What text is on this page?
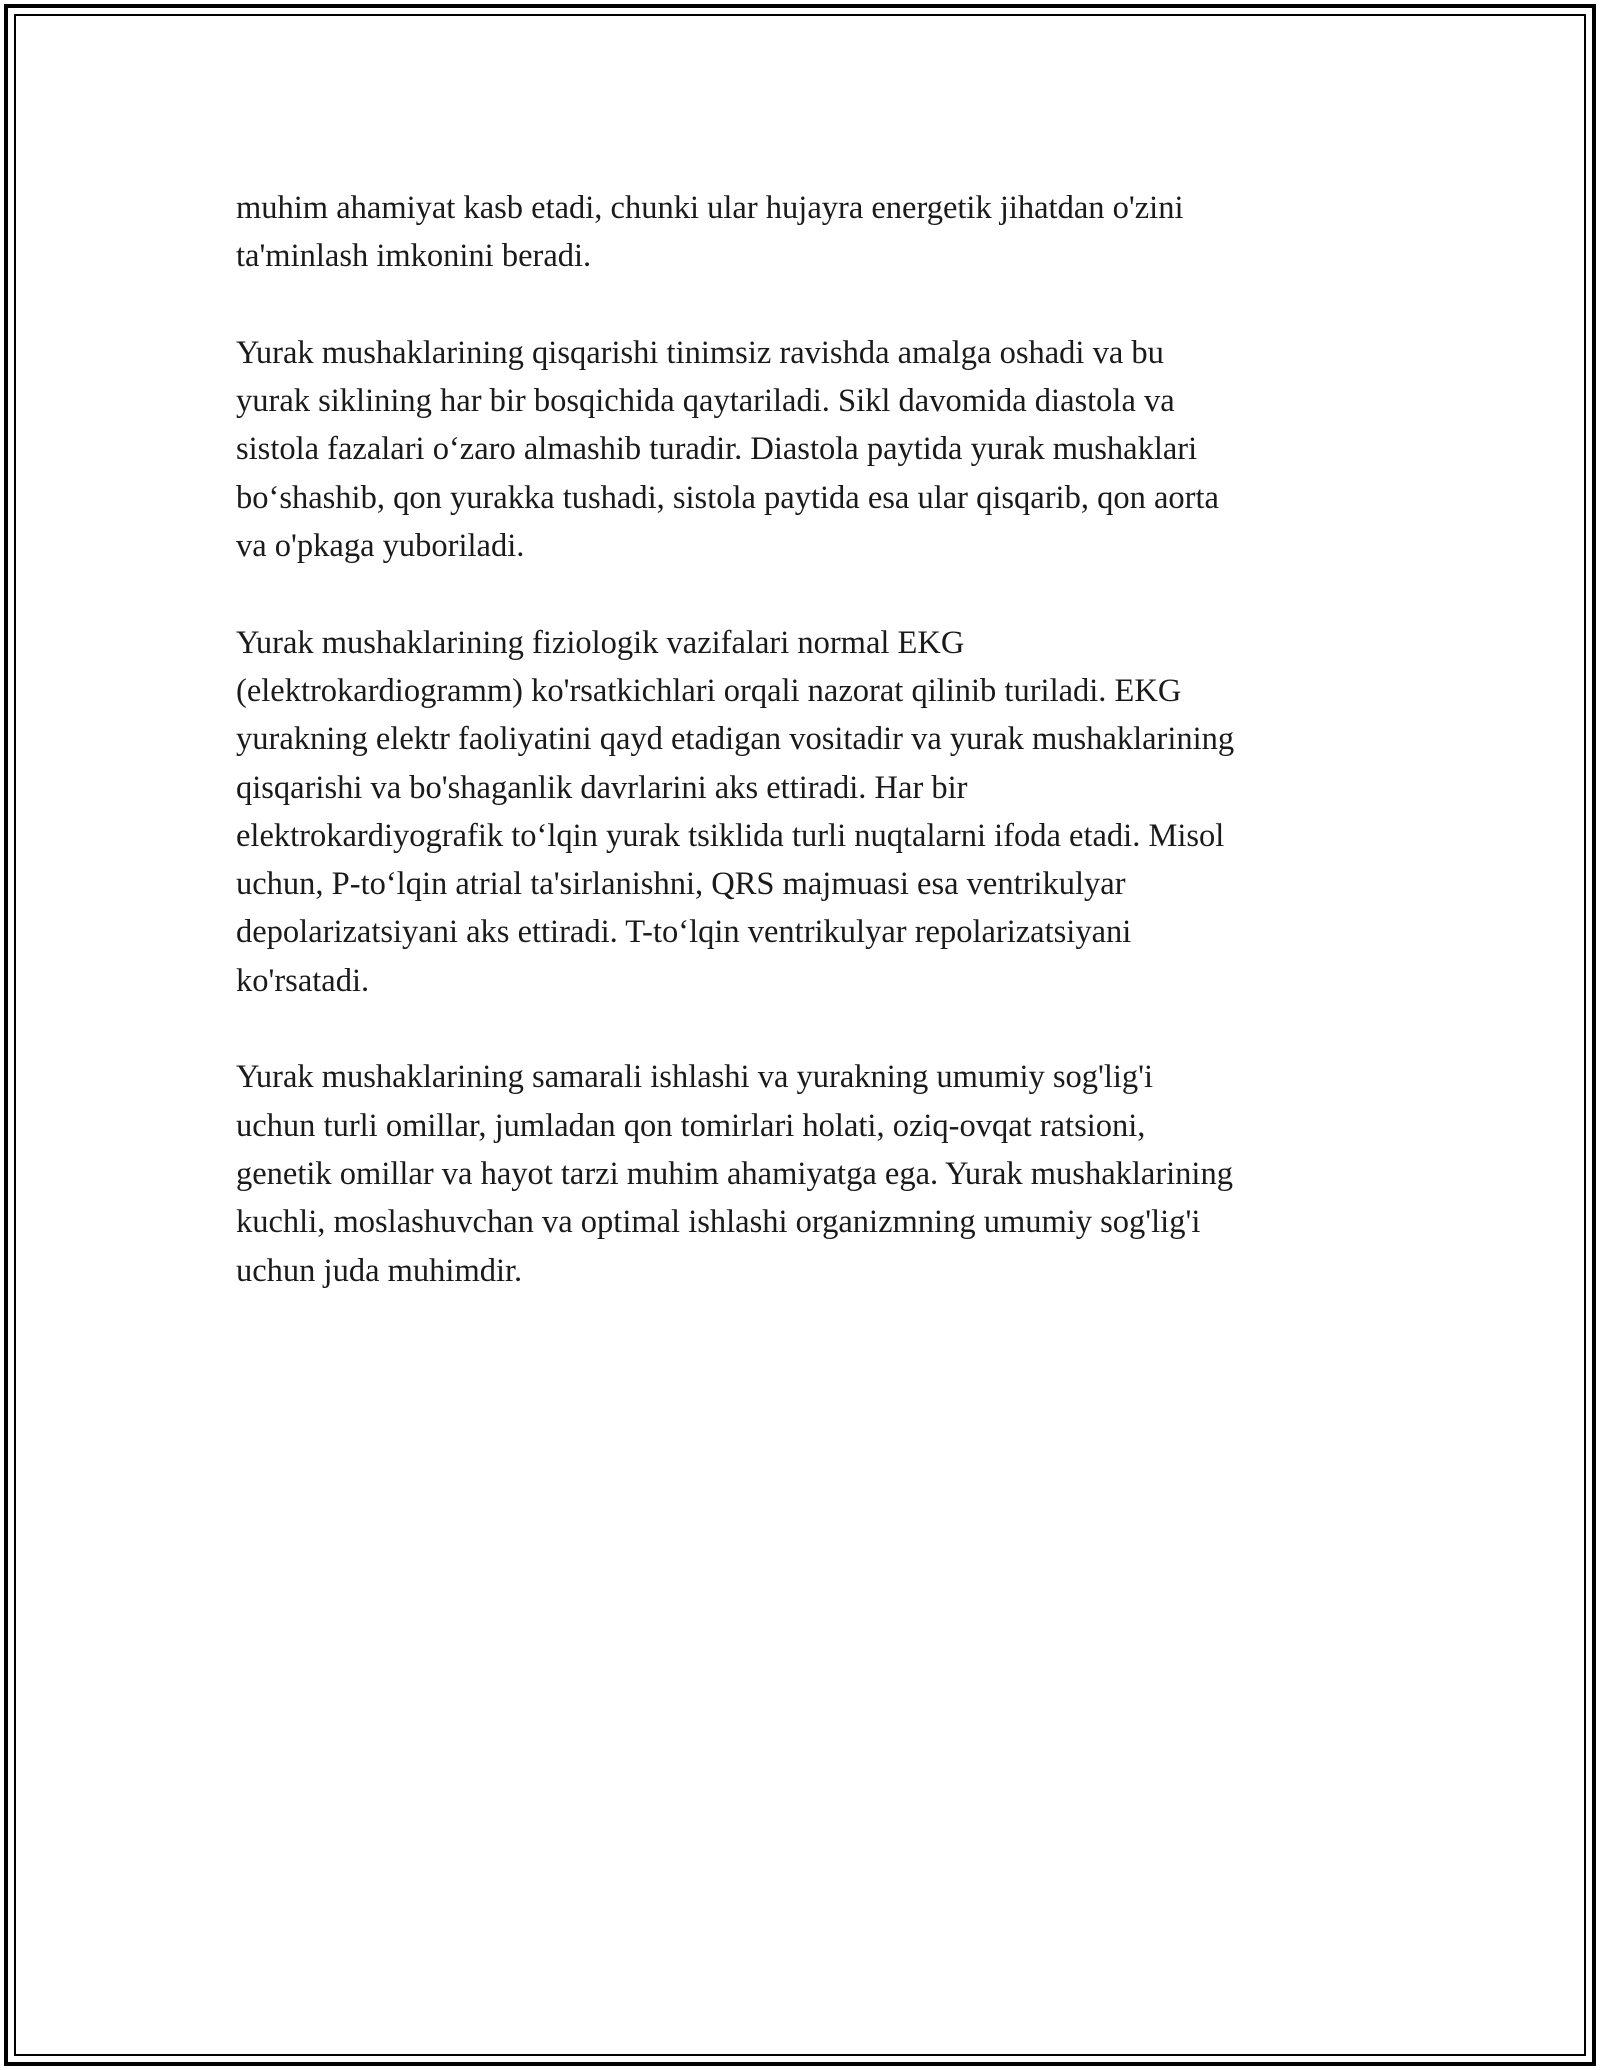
muhim ahamiyat kasb etadi, chunki ular hujayra energetik jihatdan o'zini
ta'minlash imkonini beradi.

Yurak mushaklarining qisqarishi tinimsiz ravishda amalga oshadi va bu
yurak siklining har bir bosqichida qaytariladi. Sikl davomida diastola va
sistola fazalari o‘zaro almashib turadir. Diastola paytida yurak mushaklari
bo‘shashib, qon yurakka tushadi, sistola paytida esa ular qisqarib, qon aorta
va o'pkaga yuboriladi.

Yurak mushaklarining fiziologik vazifalari normal EKG
(elektrokardiogramm) ko'rsatkichlari orqali nazorat qilinib turiladi. EKG
yurakning elektr faoliyatini qayd etadigan vositadir va yurak mushaklarining
qisqarishi va bo'shaganlik davrlarini aks ettiradi. Har bir
elektrokardiyografik to‘lqin yurak tsiklida turli nuqtalarni ifoda etadi. Misol
uchun, P-to‘lqin atrial ta'sirlanishni, QRS majmuasi esa ventrikulyar
depolarizatsiyani aks ettiradi. T-to‘lqin ventrikulyar repolarizatsiyani
ko'rsatadi.

Yurak mushaklarining samarali ishlashi va yurakning umumiy sog'lig'i
uchun turli omillar, jumladan qon tomirlari holati, oziq-ovqat ratsioni,
genetik omillar va hayot tarzi muhim ahamiyatga ega. Yurak mushaklarining
kuchli, moslashuvchan va optimal ishlashi organizmning umumiy sog'lig'i
uchun juda muhimdir.
